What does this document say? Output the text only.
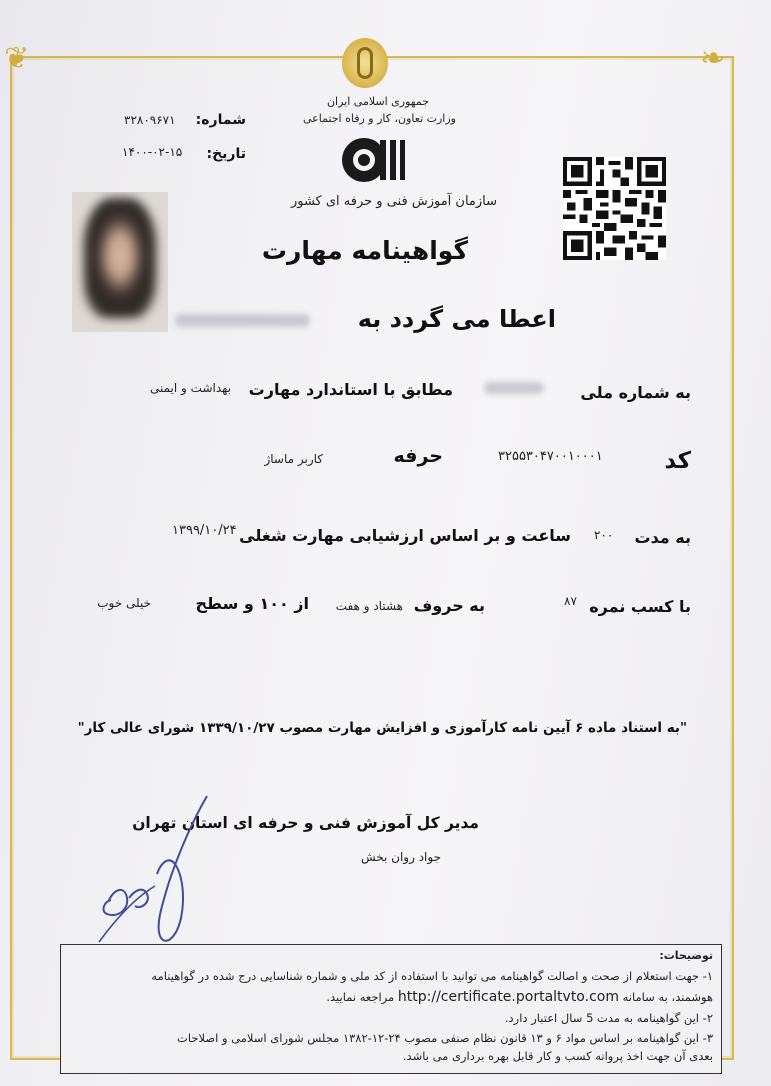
❦	❧
جمهوری اسلامی ایران
وزارت تعاون، کار و رفاه اجتماعی
شماره:
۳۲۸۰۹۶۷۱
تاریخ:
۱۴۰۰-۰۲-۱۵
سازمان آموزش فنی و حرفه ای کشور
گواهینامه مهارت
اعطا می گردد به
به شماره ملی
مطابق با استاندارد مهارت
بهداشت و ایمنی
کد
۳۲۵۵۳۰۴۷۰۰۱۰۰۰۱
حرفه
کاربر ماساژ
به مدت
۲۰۰
ساعت و بر اساس ارزشیابی مهارت شغلی
۱۳۹۹/۱۰/۲۴
با کسب نمره
۸۷
به حروف
هشتاد و هفت
از ۱۰۰ و سطح
خیلی خوب
"به استناد ماده ۶ آیین نامه کارآموزی و افزایش مهارت مصوب ۱۳۳۹/۱۰/۲۷ شورای عالی کار"
مدیر کل آموزش فنی و حرفه ای استان تهران
جواد روان بخش
توضیحات:
۱- جهت استعلام از صحت و اصالت گواهینامه می توانید با استفاده از کد ملی و شماره شناسایی درج شده در گواهینامه
هوشمند، به سامانه http://certificate.portaltvto.com مراجعه نمایید.
۲- این گواهینامه به مدت 5 سال اعتبار دارد.
۳- این گواهینامه بر اساس مواد ۶ و ۱۳ قانون نظام صنفی مصوب ۲۴-۱۲-۱۳۸۲ مجلس شورای اسلامی و اصلاحات
بعدی آن جهت اخذ پروانه کسب و کار قابل بهره برداری می باشد.
